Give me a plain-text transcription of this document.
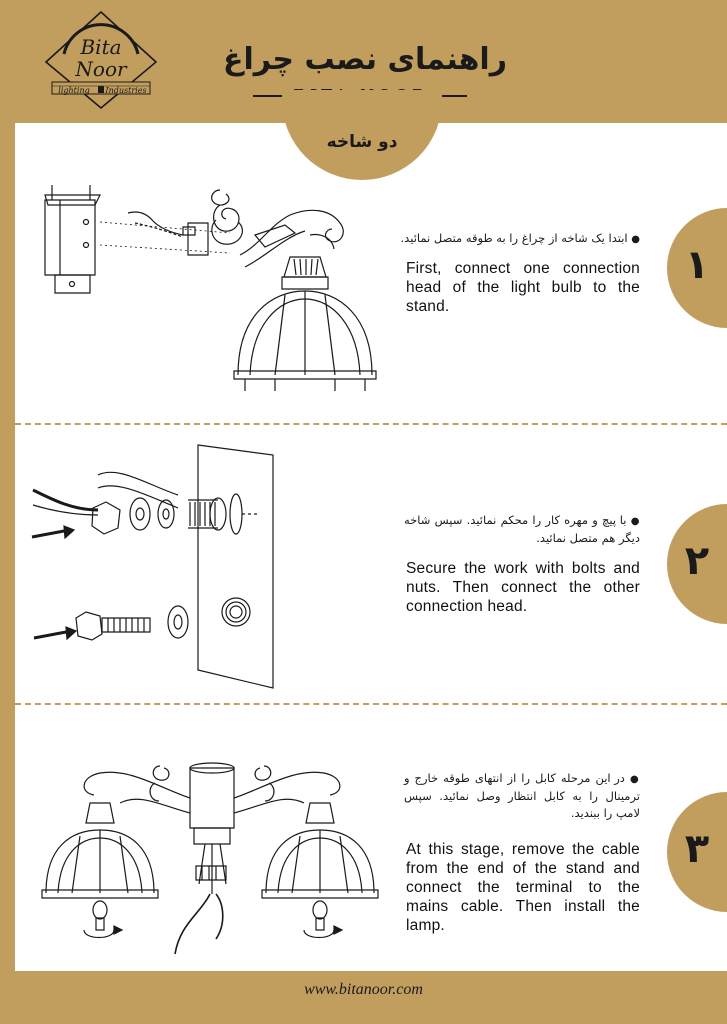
Bita
Noor
lighting Industries
راهنمای نصب چراغ
دو شاخه
۱
۲
۳
● ابتدا یک شاخه از چراغ را به طوقه متصل نمائید.
First, connect one connection head of the light bulb to the stand.
● با پیچ و مهره کار را محکم نمائید. سپس شاخه دیگر هم متصل نمائید.
Secure the work with bolts and nuts. Then connect the other connection head.
● در این مرحله کابل را از انتهای طوقه خارج و ترمینال را به کابل انتظار وصل نمائید. سپس لامپ را ببندید.
At this stage, remove the cable from the end of the stand and connect the terminal to the mains cable. Then install the lamp.
www.bitanoor.com
